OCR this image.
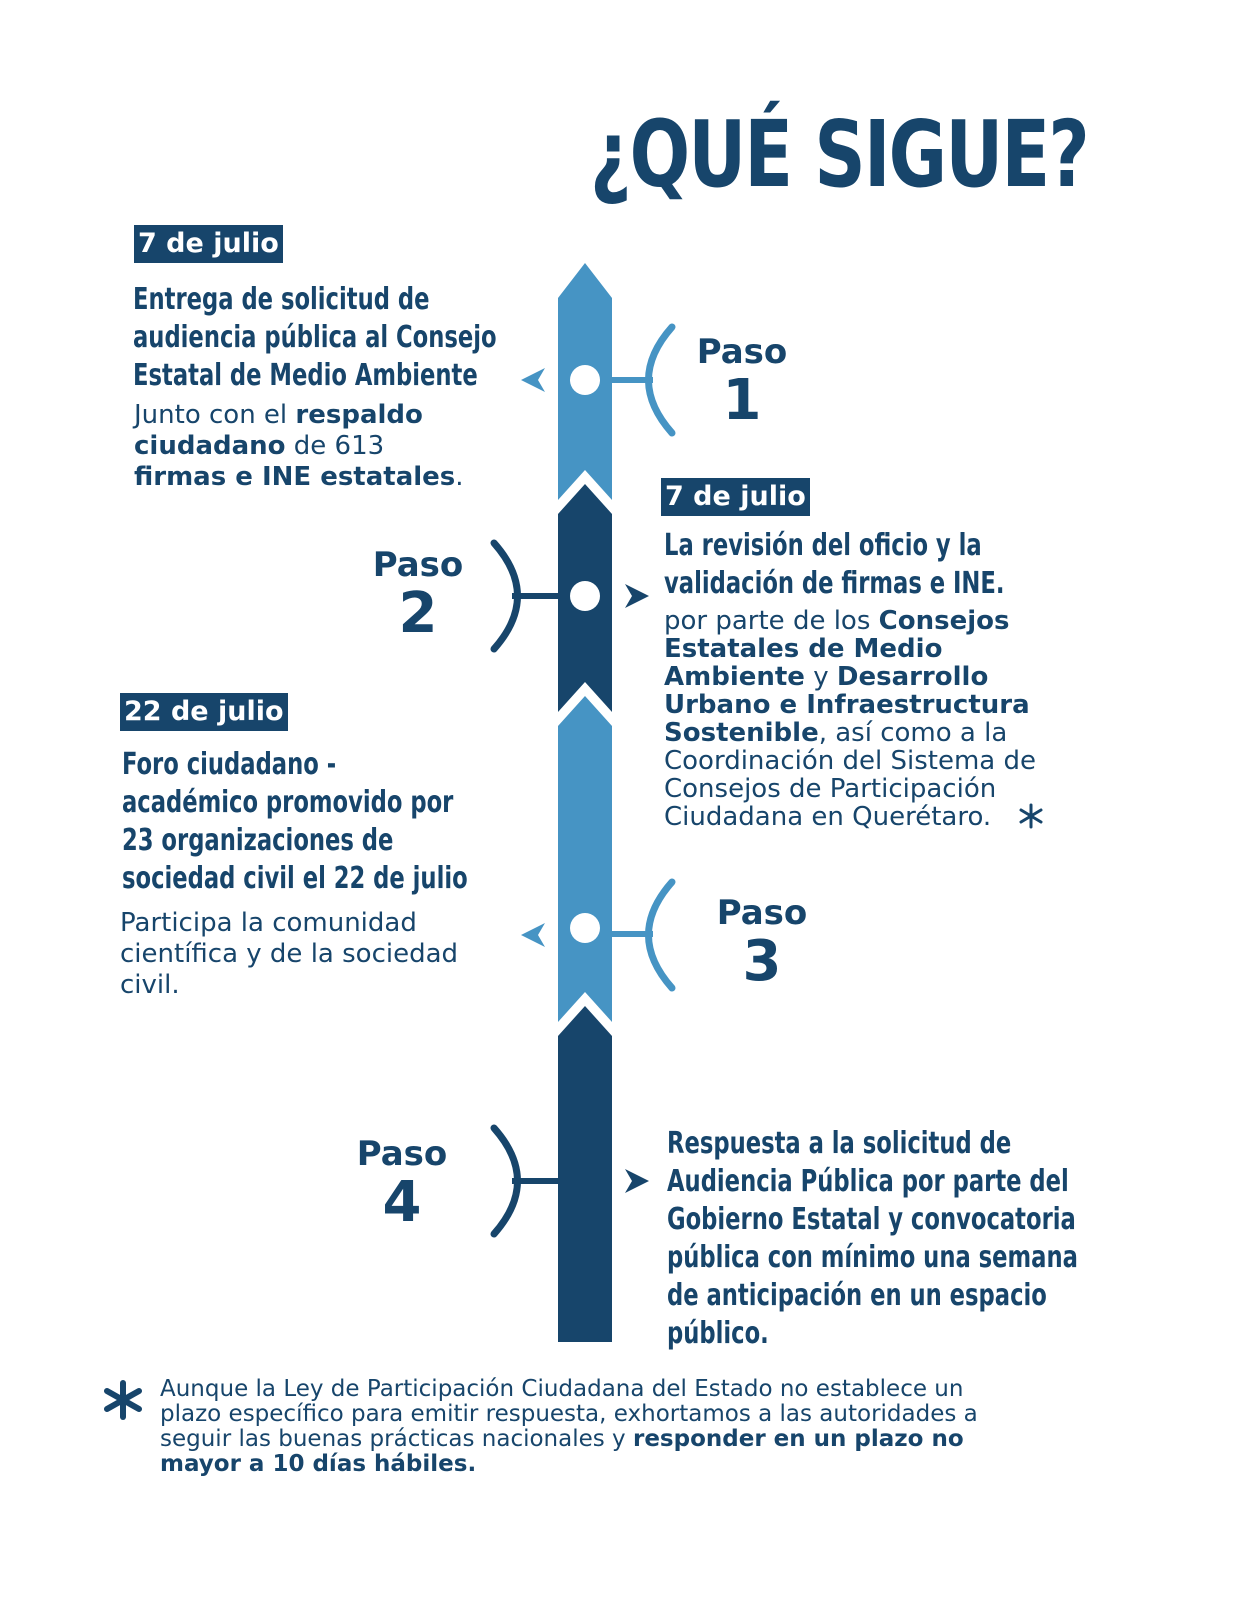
¿QUÉ SIGUE?
7 de julio
Entrega de solicitud de
audiencia pública al Consejo
Estatal de Medio Ambiente
Junto con el respaldo
ciudadano de 613
firmas e INE estatales.
Paso
1
Paso
2
7 de julio
La revisión del oficio y la
validación de firmas e INE.
por parte de los Consejos
Estatales de Medio
Ambiente y Desarrollo
Urbano e Infraestructura
Sostenible, así como a la
Coordinación del Sistema de
Consejos de Participación
Ciudadana en Querétaro.
22 de julio
Foro ciudadano -
académico promovido por
23 organizaciones de
sociedad civil el 22 de julio
Participa la comunidad
científica y de la sociedad
civil.
Paso
3
Paso
4
Respuesta a la solicitud de
Audiencia Pública por parte del
Gobierno Estatal y convocatoria
pública con mínimo una semana
de anticipación en un espacio
público.
Aunque la Ley de Participación Ciudadana del Estado no establece un
plazo específico para emitir respuesta, exhortamos a las autoridades a
seguir las buenas prácticas nacionales y responder en un plazo no
mayor a 10 días hábiles.
